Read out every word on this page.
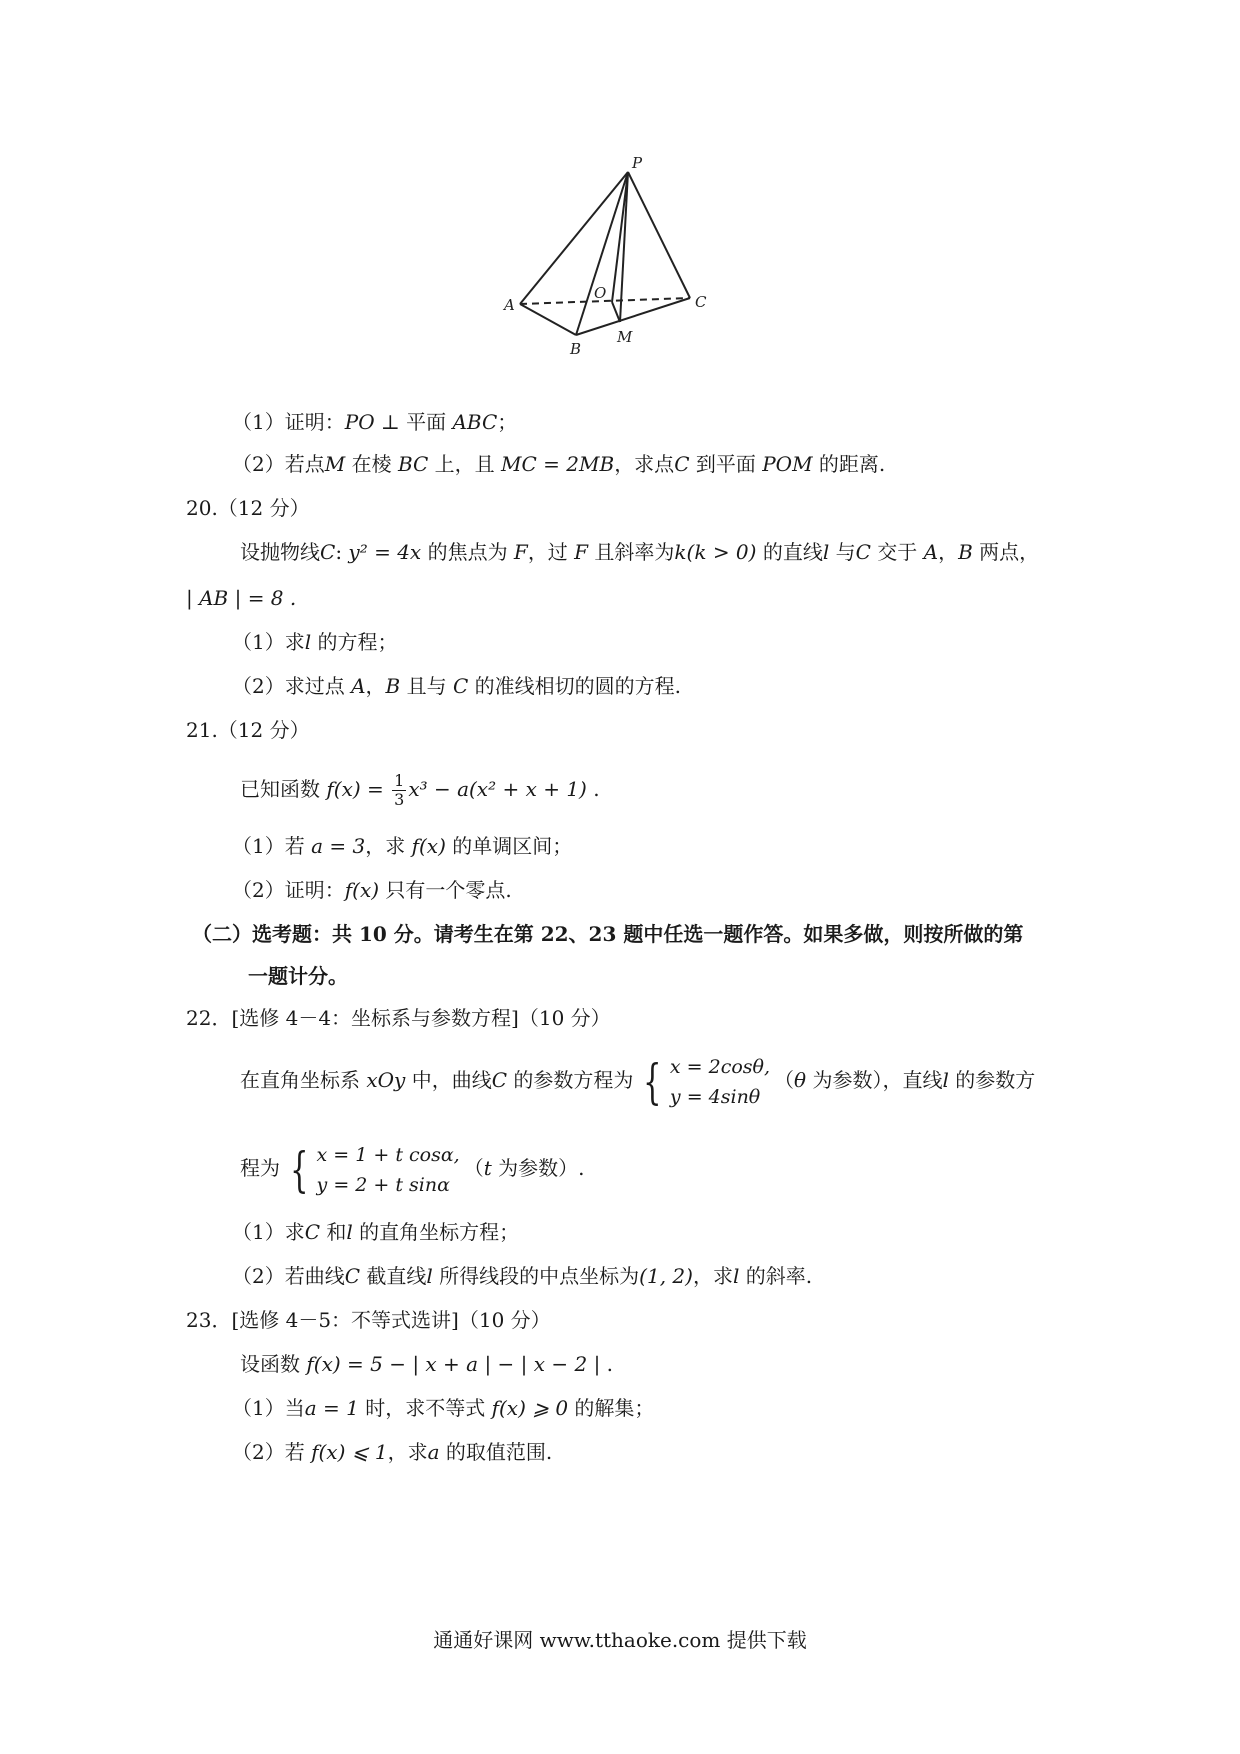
P
A
B
C
O
M
（1）证明：PO ⊥ 平面 ABC；
（2）若点M 在棱 BC 上，且 MC = 2MB，求点C 到平面 POM 的距离.
20.（12 分）
设抛物线C: y² = 4x 的焦点为 F，过 F 且斜率为k(k > 0) 的直线l 与C 交于 A，B 两点，
| AB | = 8 .
（1）求l 的方程；
（2）求过点 A，B 且与 C 的准线相切的圆的方程.
21.（12 分）
已知函数 $f(x) = \frac{1}{3} x^3 - a(x^2 + x + 1)$ .
（1）若 a = 3，求 f(x) 的单调区间；
（2）证明：f(x) 只有一个零点.
（二）选考题：共 10 分。请考生在第 22、23 题中任选一题作答。如果多做，则按所做的第
一题计分。
22．[选修 4－4：坐标系与参数方程]（10 分）
在直角坐标系 xOy 中，曲线C 的参数方程为 { x = 2cosθ,
y = 4sinθ
（θ 为参数），直线l 的参数方
程为 { x = 1 + t cosα,
y = 2 + t sinα
（t 为参数）.
（1）求C 和l 的直角坐标方程；
（2）若曲线C 截直线l 所得线段的中点坐标为(1, 2)，求l 的斜率.
23．[选修 4－5：不等式选讲]（10 分）
设函数 f(x) = 5 − | x + a | − | x − 2 | .
（1）当a = 1 时，求不等式 f(x) ⩾ 0 的解集；
（2）若 f(x) ⩽ 1，求a 的取值范围.
通通好课网 www.tthaoke.com 提供下载
